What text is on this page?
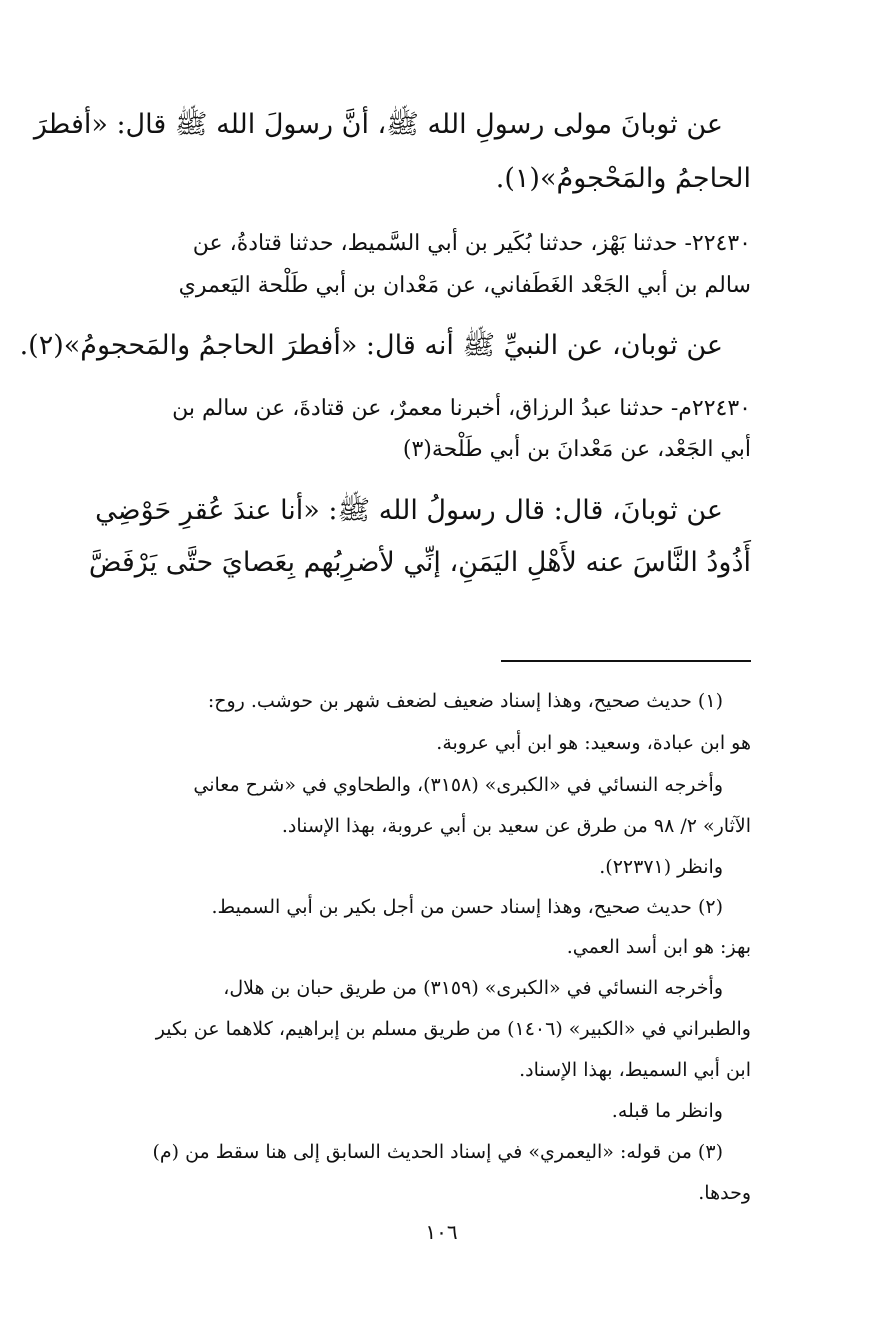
عن ثوبانَ مولى رسولِ الله ﷺ، أنَّ رسولَ الله ﷺ قال: «أفطرَ
الحاجمُ والمَحْجومُ»(١).
٢٢٤٣٠- حدثنا بَهْز، حدثنا بُكَير بن أبي السَّميط، حدثنا قتادةُ، عن
سالم بن أبي الجَعْد الغَطَفاني، عن مَعْدان بن أبي طَلْحة اليَعمري
عن ثوبان، عن النبيِّ ﷺ أنه قال: «أفطرَ الحاجمُ والمَحجومُ»(٢).
٢٢٤٣٠م- حدثنا عبدُ الرزاق، أخبرنا معمرٌ، عن قتادةَ، عن سالم بن
أبي الجَعْد، عن مَعْدانَ بن أبي طَلْحة(٣)
عن ثوبانَ، قال: قال رسولُ الله ﷺ: «أنا عندَ عُقرِ حَوْضِي
أَذُودُ النَّاسَ عنه لأَهْلِ اليَمَنِ، إنِّي لأضرِبُهم بِعَصايَ حتَّى يَرْفَضَّ
(١) حديث صحيح، وهذا إسناد ضعيف لضعف شهر بن حوشب. روح:
هو ابن عبادة، وسعيد: هو ابن أبي عروبة.
وأخرجه النسائي في «الكبرى» (٣١٥٨)، والطحاوي في «شرح معاني
الآثار» ٢/ ٩٨ من طرق عن سعيد بن أبي عروبة، بهذا الإسناد.
وانظر (٢٢٣٧١).
(٢) حديث صحيح، وهذا إسناد حسن من أجل بكير بن أبي السميط.
بهز: هو ابن أسد العمي.
وأخرجه النسائي في «الكبرى» (٣١٥٩) من طريق حبان بن هلال،
والطبراني في «الكبير» (١٤٠٦) من طريق مسلم بن إبراهيم، كلاهما عن بكير
ابن أبي السميط، بهذا الإسناد.
وانظر ما قبله.
(٣) من قوله: «اليعمري» في إسناد الحديث السابق إلى هنا سقط من (م)
وحدها.
١٠٦
